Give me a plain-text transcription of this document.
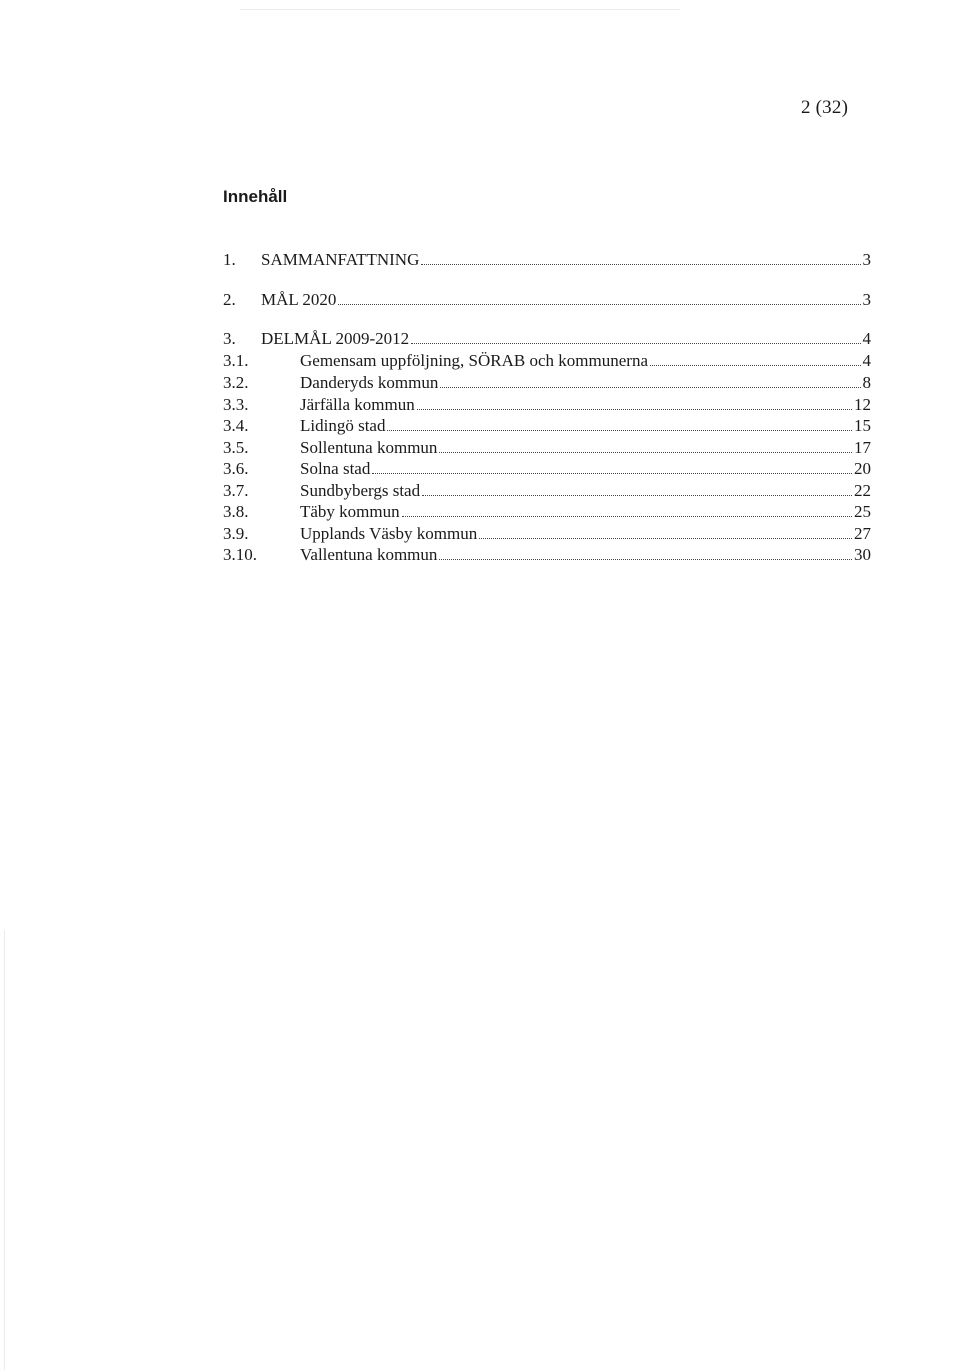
2 (32)
Innehåll
1.	SAMMANFATTNING	3
2.	MÅL 2020	3
3.	DELMÅL 2009-2012	4
3.1.	Gemensam uppföljning, SÖRAB och kommunerna	4
3.2.	Danderyds kommun	8
3.3.	Järfälla kommun	12
3.4.	Lidingö stad	15
3.5.	Sollentuna kommun	17
3.6.	Solna stad	20
3.7.	Sundbybergs stad	22
3.8.	Täby kommun	25
3.9.	Upplands Väsby kommun	27
3.10.	Vallentuna kommun	30
